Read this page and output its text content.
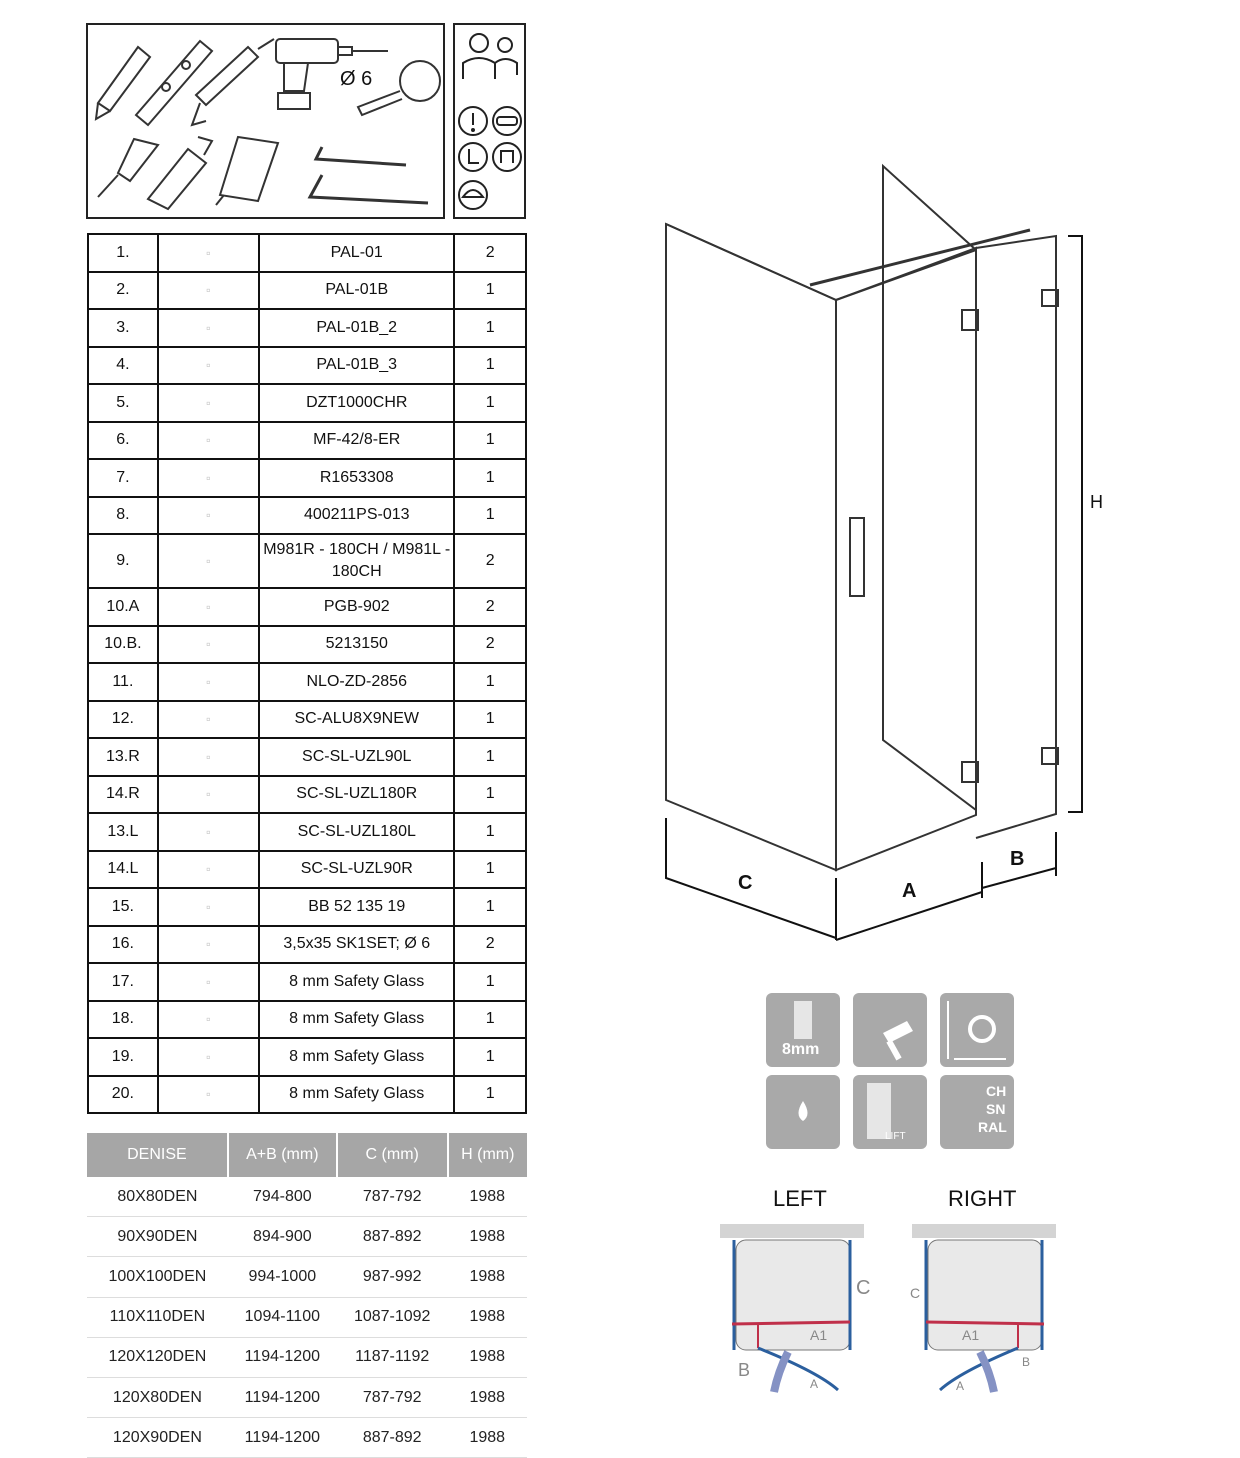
Ø 6
1.	▫	PAL-01	2
2.	▫	PAL-01B	1
3.	▫	PAL-01B_2	1
4.	▫	PAL-01B_3	1
5.	▫	DZT1000CHR	1
6.	▫	MF-42/8-ER	1
7.	▫	R1653308	1
8.	▫	400211PS-013	1
9.	▫	M981R - 180CH / M981L - 180CH	2
10.A	▫	PGB-902	2
10.B.	▫	5213150	2
11.	▫	NLO-ZD-2856	1
12.	▫	SC-ALU8X9NEW	1
13.R	▫	SC-SL-UZL90L	1
14.R	▫	SC-SL-UZL180R	1
13.L	▫	SC-SL-UZL180L	1
14.L	▫	SC-SL-UZL90R	1
15.	▫	BB 52 135 19	1
16.	▫	3,5x35 SK1SET; Ø 6	2
17.	▫	8 mm Safety Glass	1
18.	▫	8 mm Safety Glass	1
19.	▫	8 mm Safety Glass	1
20.	▫	8 mm Safety Glass	1
DENISE	A+B (mm)	C (mm)	H (mm)
80X80DEN	794-800	787-792	1988
90X90DEN	894-900	887-892	1988
100X100DEN	994-1000	987-992	1988
110X110DEN	1094-1100	1087-1092	1988
120X120DEN	1194-1200	1187-1192	1988
120X80DEN	1194-1200	787-792	1988
120X90DEN	1194-1200	887-892	1988
H
C	A
B
8mm
LIFT
CH
SN
RAL
LEFT	RIGHT
C
B
A
A1
C
B
A
A1
